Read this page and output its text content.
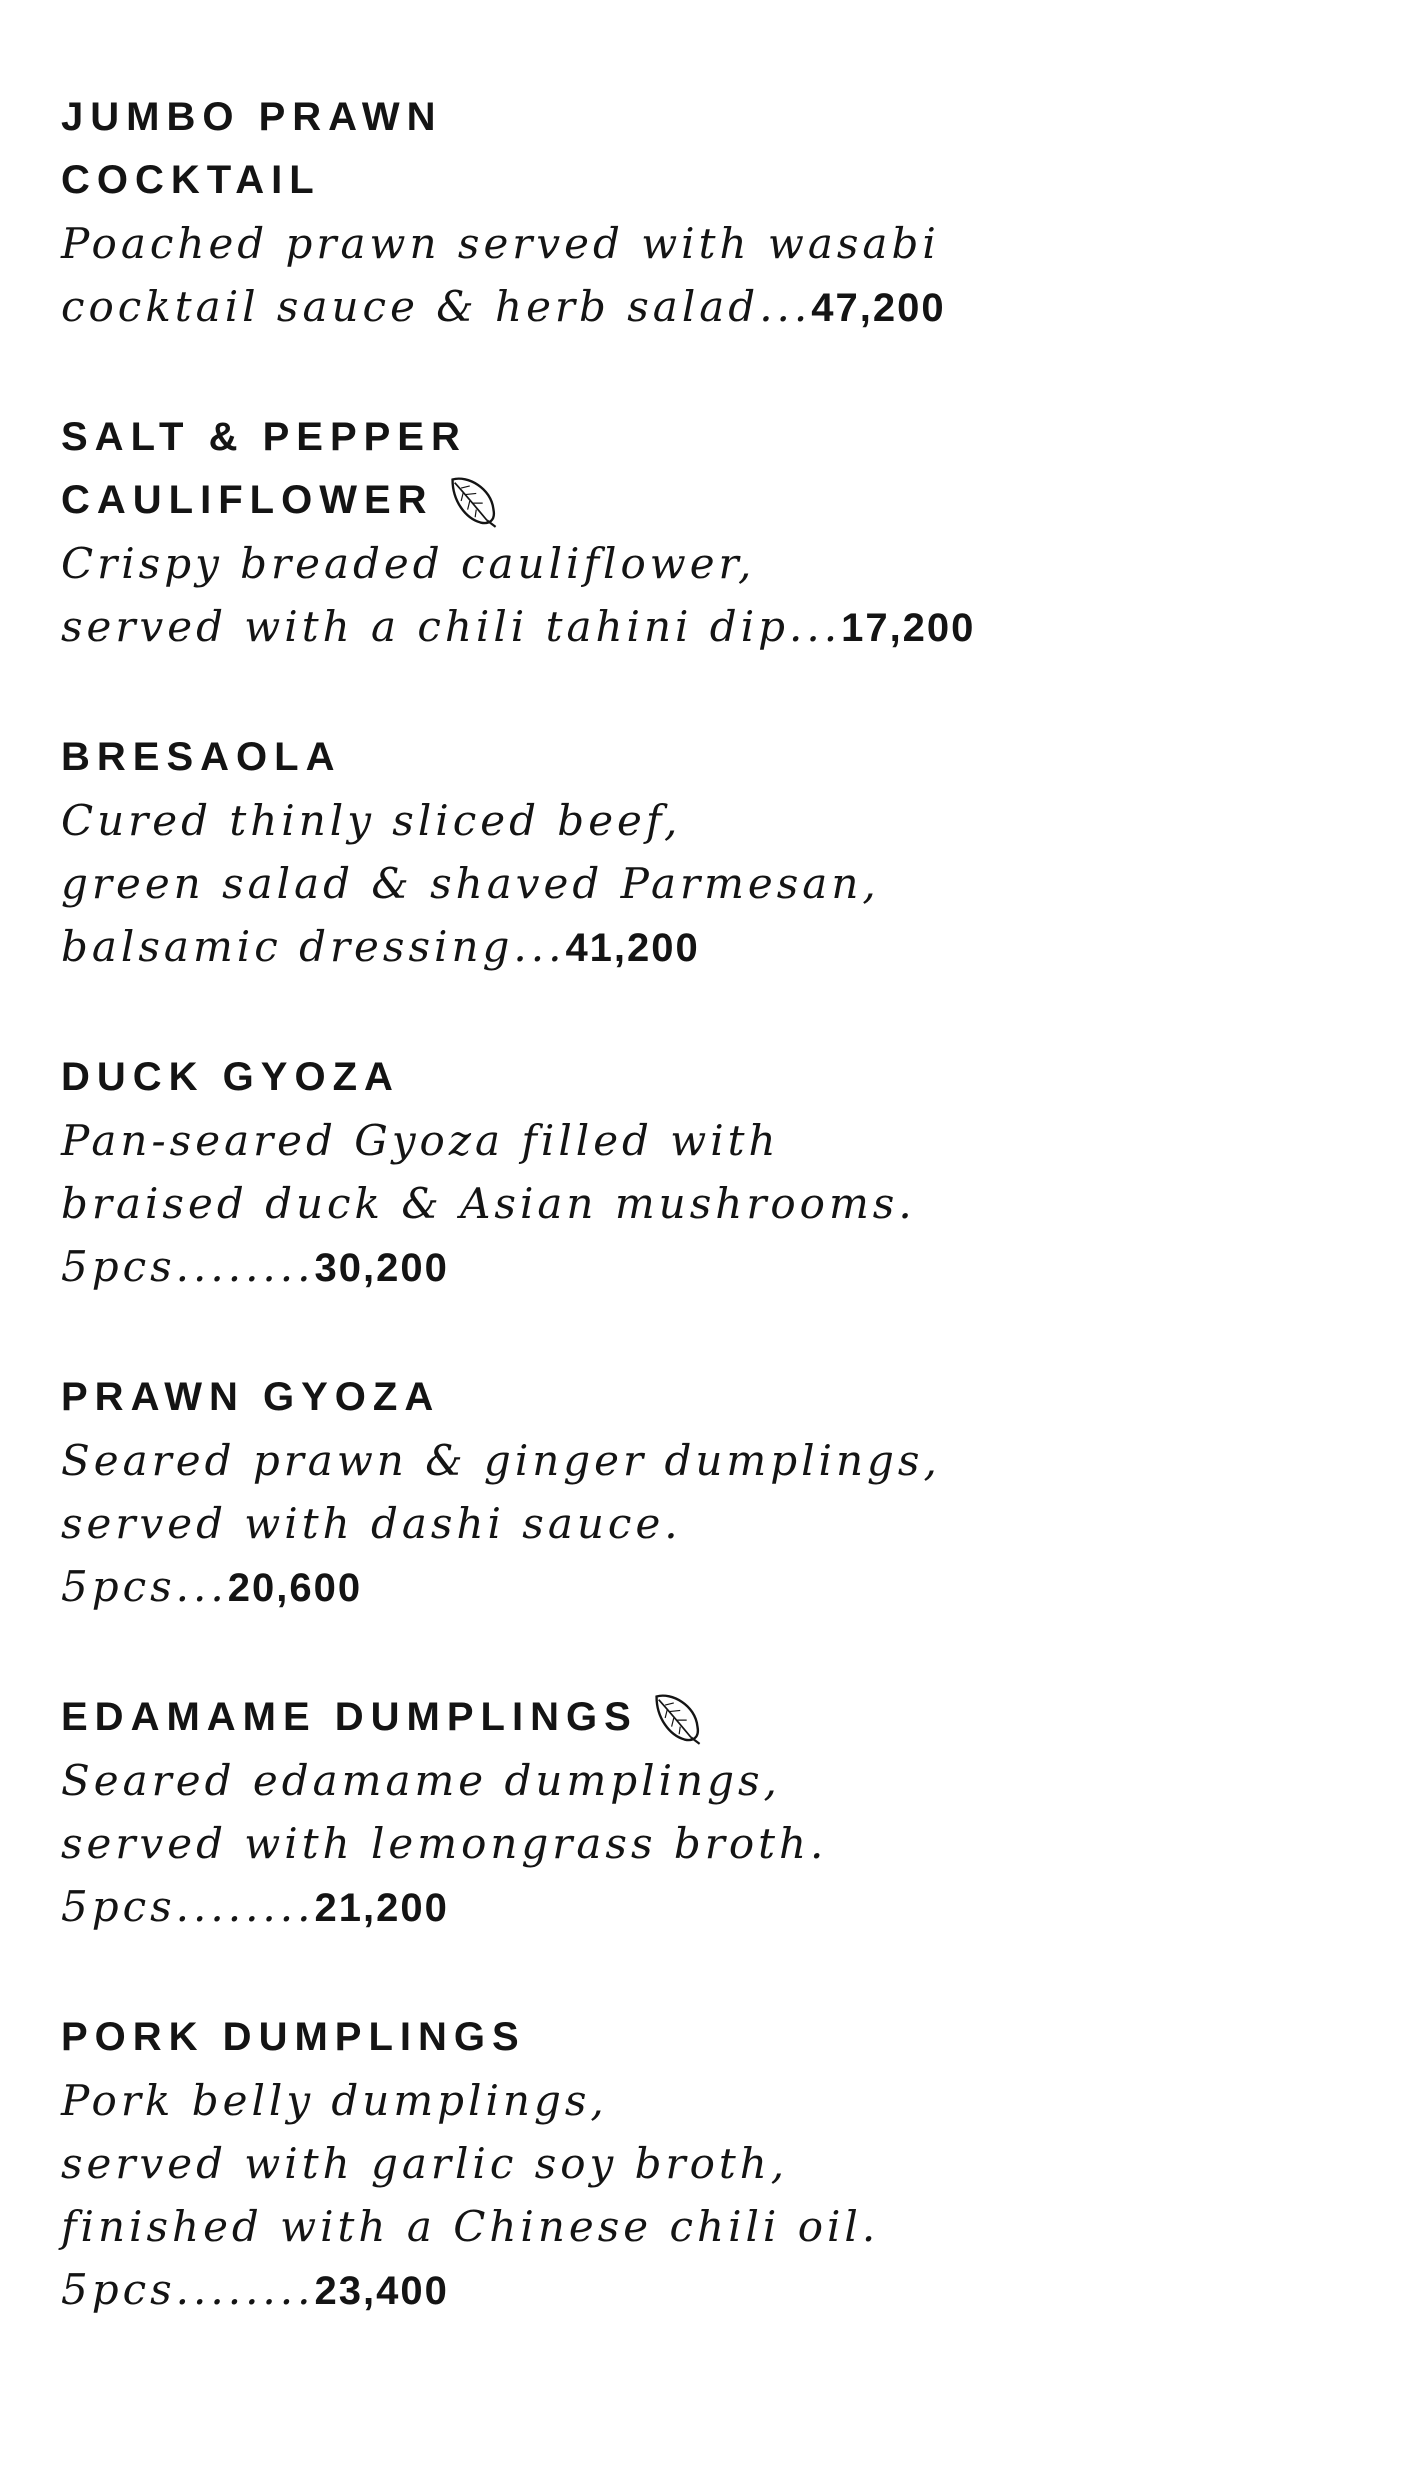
JUMBO PRAWN
COCKTAIL
Poached prawn served with wasabi
cocktail sauce & herb salad...47,200
SALT & PEPPER
CAULIFLOWER
Crispy breaded cauliflower,
served with a chili tahini dip...17,200
BRESAOLA
Cured thinly sliced beef,
green salad & shaved Parmesan,
balsamic dressing...41,200
DUCK GYOZA
Pan-seared Gyoza filled with
braised duck & Asian mushrooms.
5pcs........30,200
PRAWN GYOZA
Seared prawn & ginger dumplings,
served with dashi sauce.
5pcs...20,600
EDAMAME DUMPLINGS
Seared edamame dumplings,
served with lemongrass broth.
5pcs........21,200
PORK DUMPLINGS
Pork belly dumplings,
served with garlic soy broth,
finished with a Chinese chili oil.
5pcs........23,400
